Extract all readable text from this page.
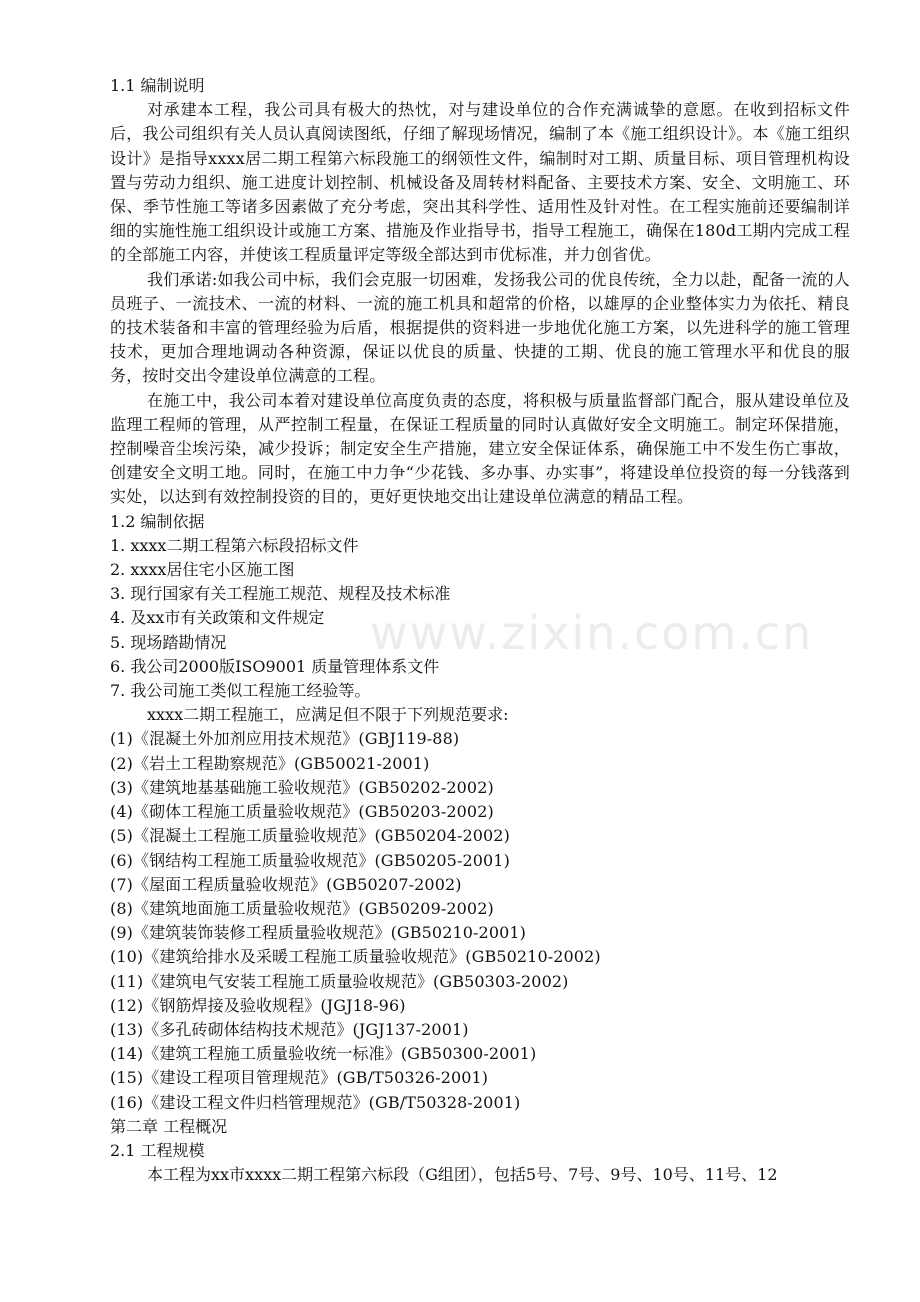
www.zixin.com.cn
1.1 编制说明
对承建本工程，我公司具有极大的热忱，对与建设单位的合作充满诚挚的意愿。在收到招标文件后，我公司组织有关人员认真阅读图纸，仔细了解现场情况，编制了本《施工组织设计》。本《施工组织设计》是指导xxxx居二期工程第六标段施工的纲领性文件，编制时对工期、质量目标、项目管理机构设置与劳动力组织、施工进度计划控制、机械设备及周转材料配备、主要技术方案、安全、文明施工、环保、季节性施工等诸多因素做了充分考虑，突出其科学性、适用性及针对性。在工程实施前还要编制详细的实施性施工组织设计或施工方案、措施及作业指导书，指导工程施工，确保在180d工期内完成工程的全部施工内容，并使该工程质量评定等级全部达到市优标准，并力创省优。
我们承诺:如我公司中标，我们会克服一切困难，发扬我公司的优良传统，全力以赴，配备一流的人员班子、一流技术、一流的材料、一流的施工机具和超常的价格，以雄厚的企业整体实力为依托、精良的技术装备和丰富的管理经验为后盾，根据提供的资料进一步地优化施工方案，以先进科学的施工管理技术，更加合理地调动各种资源，保证以优良的质量、快捷的工期、优良的施工管理水平和优良的服务，按时交出令建设单位满意的工程。
在施工中，我公司本着对建设单位高度负责的态度，将积极与质量监督部门配合，服从建设单位及监理工程师的管理，从严控制工程量，在保证工程质量的同时认真做好安全文明施工。制定环保措施，控制噪音尘埃污染，减少投诉；制定安全生产措施，建立安全保证体系，确保施工中不发生伤亡事故，创建安全文明工地。同时，在施工中力争“少花钱、多办事、办实事”，将建设单位投资的每一分钱落到实处，以达到有效控制投资的目的，更好更快地交出让建设单位满意的精品工程。
1.2 编制依据
1. xxxx二期工程第六标段招标文件
2. xxxx居住宅小区施工图
3. 现行国家有关工程施工规范、规程及技术标准
4. 及xx市有关政策和文件规定
5. 现场踏勘情况
6. 我公司2000版ISO9001 质量管理体系文件
7. 我公司施工类似工程施工经验等。
xxxx二期工程施工，应满足但不限于下列规范要求:
(1)《混凝土外加剂应用技术规范》(GBJ119-88)
(2)《岩土工程勘察规范》(GB50021-2001)
(3)《建筑地基基础施工验收规范》(GB50202-2002)
(4)《砌体工程施工质量验收规范》(GB50203-2002)
(5)《混凝土工程施工质量验收规范》(GB50204-2002)
(6)《钢结构工程施工质量验收规范》(GB50205-2001)
(7)《屋面工程质量验收规范》(GB50207-2002)
(8)《建筑地面施工质量验收规范》(GB50209-2002)
(9)《建筑装饰装修工程质量验收规范》(GB50210-2001)
(10)《建筑给排水及采暖工程施工质量验收规范》(GB50210-2002)
(11)《建筑电气安装工程施工质量验收规范》(GB50303-2002)
(12)《钢筋焊接及验收规程》(JGJ18-96)
(13)《多孔砖砌体结构技术规范》(JGJ137-2001)
(14)《建筑工程施工质量验收统一标准》(GB50300-2001)
(15)《建设工程项目管理规范》(GB/T50326-2001)
(16)《建设工程文件归档管理规范》(GB/T50328-2001)
第二章 工程概况
2.1 工程规模
本工程为xx市xxxx二期工程第六标段（G组团），包括5号、7号、9号、10号、11号、12
